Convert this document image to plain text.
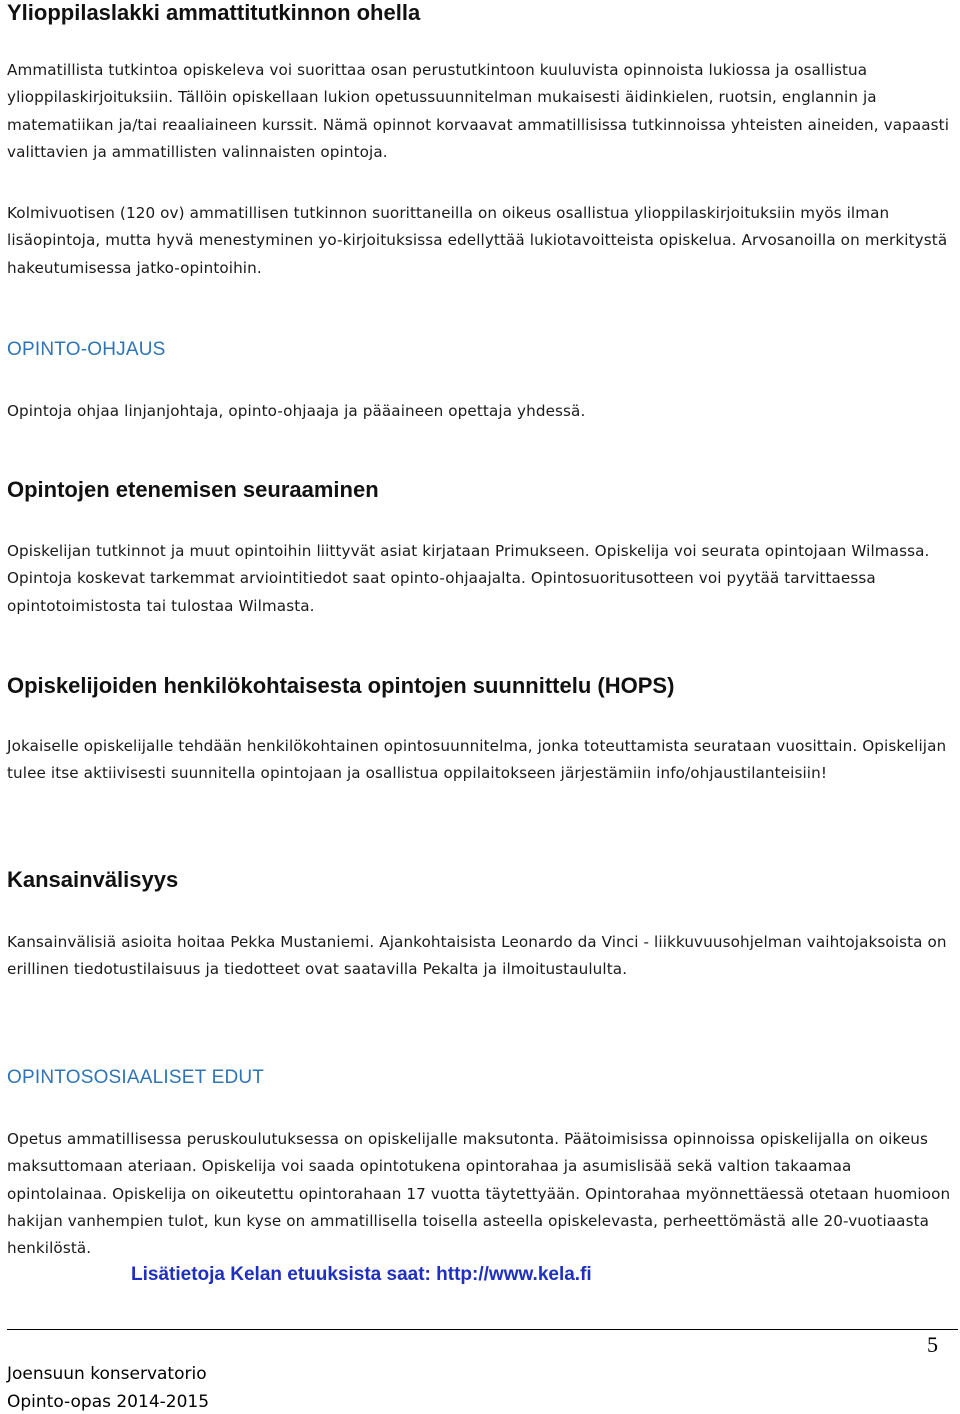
Ylioppilaslakki ammattitutkinnon ohella

Ammatillista tutkintoa opiskeleva voi suorittaa osan perustutkintoon kuuluvista opinnoista lukiossa ja osallistua ylioppilaskirjoituksiin. Tällöin opiskellaan lukion opetussuunnitelman mukaisesti äidinkielen, ruotsin, englannin ja matematiikan ja/tai reaaliaineen kurssit. Nämä opinnot korvaavat ammatillisissa tutkinnoissa yhteisten aineiden, vapaasti valittavien ja ammatillisten valinnaisten opintoja.

Kolmivuotisen (120 ov) ammatillisen tutkinnon suorittaneilla on oikeus osallistua ylioppilaskirjoituksiin myös ilman lisäopintoja, mutta hyvä menestyminen yo-kirjoituksissa edellyttää lukiotavoitteista opiskelua. Arvosanoilla on merkitystä hakeutumisessa jatko-opintoihin.

OPINTO-OHJAUS

Opintoja ohjaa linjanjohtaja, opinto-ohjaaja ja pääaineen opettaja yhdessä.

Opintojen etenemisen seuraaminen

Opiskelijan tutkinnot ja muut opintoihin liittyvät asiat kirjataan Primukseen. Opiskelija voi seurata opintojaan Wilmassa. Opintoja koskevat tarkemmat arviointitiedot saat opinto-ohjaajalta. Opintosuoritusotteen voi pyytää tarvittaessa opintotoimistosta tai tulostaa Wilmasta.

Opiskelijoiden henkilökohtaisesta opintojen suunnittelu (HOPS)

Jokaiselle opiskelijalle tehdään henkilökohtainen opintosuunnitelma, jonka toteuttamista seurataan vuosittain. Opiskelijan tulee itse aktiivisesti suunnitella opintojaan ja osallistua oppilaitokseen järjestämiin info/ohjaustilanteisiin!

Kansainvälisyys

Kansainvälisiä asioita hoitaa Pekka Mustaniemi. Ajankohtaisista Leonardo da Vinci - liikkuvuusohjelman vaihtojaksoista on erillinen tiedotustilaisuus ja tiedotteet ovat saatavilla Pekalta ja ilmoitustaululta.

OPINTOSOSIAALISET EDUT

Opetus ammatillisessa peruskoulutuksessa on opiskelijalle maksutonta. Päätoimisissa opinnoissa opiskelijalla on oikeus maksuttomaan ateriaan. Opiskelija voi saada opintotukena opintorahaa ja asumislisää sekä valtion takaamaa opintolainaa. Opiskelija on oikeutettu opintorahaan 17 vuotta täytettyään. Opintorahaa myönnettäessä otetaan huomioon hakijan vanhempien tulot, kun kyse on ammatillisella toisella asteella opiskelevasta, perheettömästä alle 20-vuotiaasta henkilöstä.

Lisätietoja Kelan etuuksista saat: http://www.kela.fi

5

Joensuun konservatorio

Opinto-opas 2014-2015
